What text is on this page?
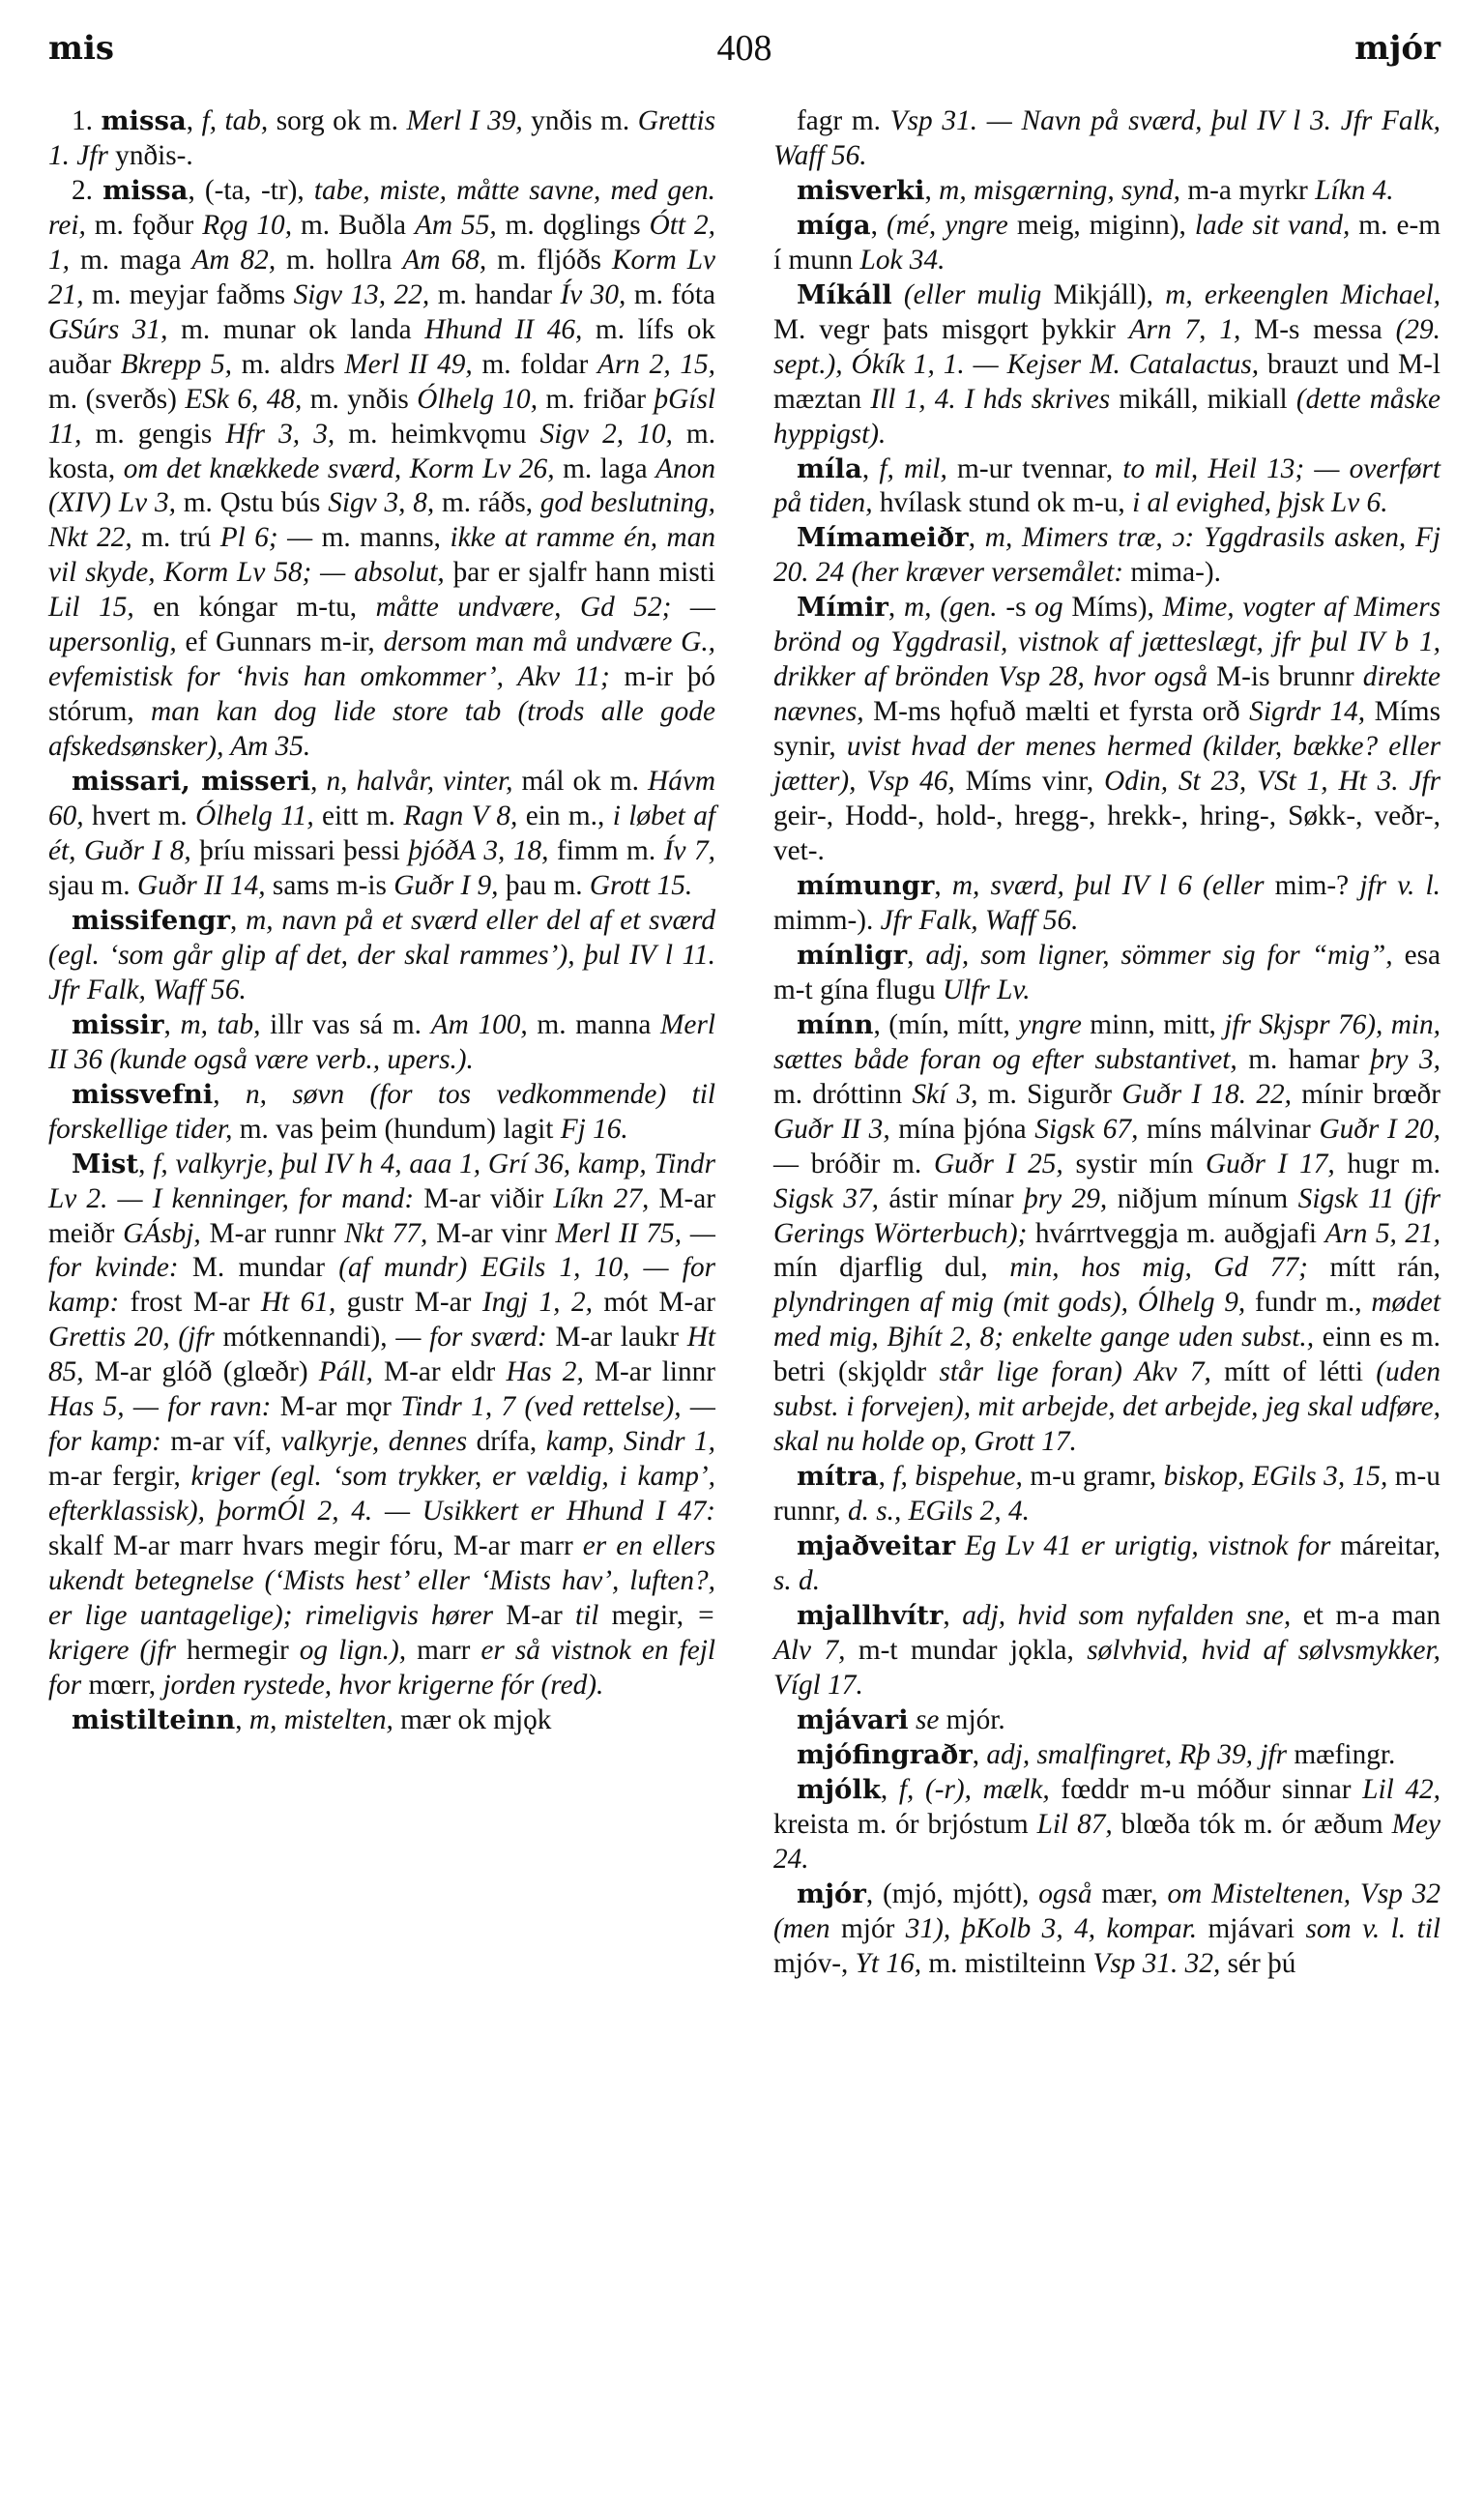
mis	408	mjór

1. missa, f, tab, sorg ok m. Merl I 39, ynðis m. Grettis 1. Jfr ynðis-.

2. missa, (-ta, -tr), tabe, miste, måtte savne, med gen. rei, m. fǫður Rǫg 10, m. Buðla Am 55, m. dǫglings Ótt 2, 1, m. maga Am 82, m. hollra Am 68, m. fljóðs Korm Lv 21, m. meyjar faðms Sigv 13, 22, m. handar Ív 30, m. fóta GSúrs 31, m. munar ok landa Hhund II 46, m. lífs ok auðar Bkrepp 5, m. aldrs Merl II 49, m. foldar Arn 2, 15, m. (sverðs) ESk 6, 48, m. ynðis Ólhelg 10, m. friðar þGísl 11, m. gengis Hfr 3, 3, m. heimkvǫmu Sigv 2, 10, m. kosta, om det knækkede sværd, Korm Lv 26, m. laga Anon (XIV) Lv 3, m. Ǫstu bús Sigv 3, 8, m. ráðs, god beslutning, Nkt 22, m. trú Pl 6; — m. manns, ikke at ramme én, man vil skyde, Korm Lv 58; — absolut, þar er sjalfr hann misti Lil 15, en kóngar m-tu, måtte undvære, Gd 52; — upersonlig, ef Gunnars m-ir, dersom man må undvære G., evfemistisk for ‘hvis han omkommer’, Akv 11; m-ir þó stórum, man kan dog lide store tab (trods alle gode afskedsønsker), Am 35.

missari, misseri, n, halvår, vinter, mál ok m. Hávm 60, hvert m. Ólhelg 11, eitt m. Ragn V 8, ein m., i løbet af ét, Guðr I 8, þríu missari þessi þjóðA 3, 18, fimm m. Ív 7, sjau m. Guðr II 14, sams m-is Guðr I 9, þau m. Grott 15.

missifengr, m, navn på et sværd eller del af et sværd (egl. ‘som går glip af det, der skal rammes’), þul IV l 11. Jfr Falk, Waff 56.

missir, m, tab, illr vas sá m. Am 100, m. manna Merl II 36 (kunde også være verb., upers.).

missvefni, n, søvn (for tos vedkommende) til forskellige tider, m. vas þeim (hundum) lagit Fj 16.

Mist, f, valkyrje, þul IV h 4, aaa 1, Grí 36, kamp, Tindr Lv 2. — I kenninger, for mand: M-ar viðir Líkn 27, M-ar meiðr GÁsbj, M-ar runnr Nkt 77, M-ar vinr Merl II 75, — for kvinde: M. mundar (af mundr) EGils 1, 10, — for kamp: frost M-ar Ht 61, gustr M-ar Ingj 1, 2, mót M-ar Grettis 20, (jfr mótkennandi), — for sværd: M-ar laukr Ht 85, M-ar glóð (glœðr) Páll, M-ar eldr Has 2, M-ar linnr Has 5, — for ravn: M-ar mǫr Tindr 1, 7 (ved rettelse), — for kamp: m-ar víf, valkyrje, dennes drífa, kamp, Sindr 1, m-ar fergir, kriger (egl. ‘som trykker, er vældig, i kamp’, efterklassisk), þormÓl 2, 4. — Usikkert er Hhund I 47: skalf M-ar marr hvars megir fóru, M-ar marr er en ellers ukendt betegnelse (‘Mists hest’ eller ‘Mists hav’, luften?, er lige uantagelige); rimeligvis hører M-ar til megir, = krigere (jfr hermegir og lign.), marr er så vistnok en fejl for mœrr, jorden rystede, hvor krigerne fór (red).

mistilteinn, m, mistelten, mær ok mjǫk

fagr m. Vsp 31. — Navn på sværd, þul IV l 3. Jfr Falk, Waff 56.

misverki, m, misgærning, synd, m-a myrkr Líkn 4.

míga, (mé, yngre meig, miginn), lade sit vand, m. e-m í munn Lok 34.

Míkáll (eller mulig Mikjáll), m, erkeenglen Michael, M. vegr þats misgǫrt þykkir Arn 7, 1, M-s messa (29. sept.), Ókík 1, 1. — Kejser M. Catalactus, brauzt und M-l mæztan Ill 1, 4. I hds skrives mikáll, mikiall (dette måske hyppigst).

míla, f, mil, m-ur tvennar, to mil, Heil 13; — overført på tiden, hvílask stund ok m-u, i al evighed, þjsk Lv 6.

Mímameiðr, m, Mimers træ, ɔ: Yggdrasils asken, Fj 20. 24 (her kræver versemålet: mima-).

Mímir, m, (gen. -s og Míms), Mime, vogter af Mimers brönd og Yggdrasil, vistnok af jætteslægt, jfr þul IV b 1, drikker af brönden Vsp 28, hvor også M-is brunnr direkte nævnes, M-ms hǫfuð mælti et fyrsta orð Sigrdr 14, Míms synir, uvist hvad der menes hermed (kilder, bække? eller jætter), Vsp 46, Míms vinr, Odin, St 23, VSt 1, Ht 3. Jfr geir-, Hodd-, hold-, hregg-, hrekk-, hring-, Søkk-, veðr-, vet-.

mímungr, m, sværd, þul IV l 6 (eller mim-? jfr v. l. mimm-). Jfr Falk, Waff 56.

mínligr, adj, som ligner, sömmer sig for “mig”, esa m-t gína flugu Ulfr Lv.

mínn, (mín, mítt, yngre minn, mitt, jfr Skjspr 76), min, sættes både foran og efter substantivet, m. hamar þry 3, m. dróttinn Skí 3, m. Sigurðr Guðr I 18. 22, mínir brœðr Guðr II 3, mína þjóna Sigsk 67, míns málvinar Guðr I 20, — bróðir m. Guðr I 25, systir mín Guðr I 17, hugr m. Sigsk 37, ástir mínar þry 29, niðjum mínum Sigsk 11 (jfr Gerings Wörterbuch); hvárrtveggja m. auðgjafi Arn 5, 21, mín djarflig dul, min, hos mig, Gd 77; mítt rán, plyndringen af mig (mit gods), Ólhelg 9, fundr m., mødet med mig, Bjhít 2, 8; enkelte gange uden subst., einn es m. betri (skjǫldr står lige foran) Akv 7, mítt of létti (uden subst. i forvejen), mit arbejde, det arbejde, jeg skal udføre, skal nu holde op, Grott 17.

mítra, f, bispehue, m-u gramr, biskop, EGils 3, 15, m-u runnr, d. s., EGils 2, 4.

mjaðveitar Eg Lv 41 er urigtig, vistnok for máreitar, s. d.

mjallhvítr, adj, hvid som nyfalden sne, et m-a man Alv 7, m-t mundar jǫkla, sølvhvid, hvid af sølvsmykker, Vígl 17.

mjávari se mjór.

mjófingraðr, adj, smalfingret, Rþ 39, jfr mæfingr.

mjólk, f, (-r), mælk, fœddr m-u móður sinnar Lil 42, kreista m. ór brjóstum Lil 87, blœða tók m. ór æðum Mey 24.

mjór, (mjó, mjótt), også mær, om Misteltenen, Vsp 32 (men mjór 31), þKolb 3, 4, kompar. mjávari som v. l. til mjóv-, Yt 16, m. mistilteinn Vsp 31. 32, sér þú
